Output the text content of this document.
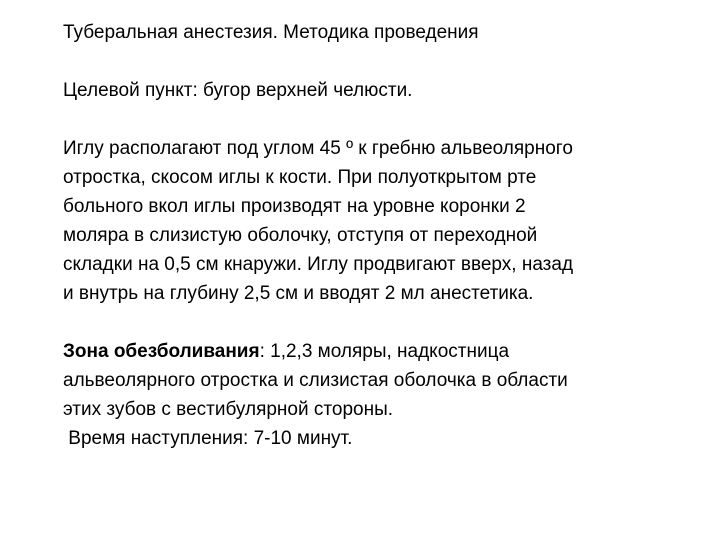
Туберальная анестезия. Методика проведения
Целевой пункт: бугор верхней челюсти.
Иглу располагают под углом 45 º к гребню альвеолярного
отростка, скосом иглы к кости. При полуоткрытом рте
больного вкол иглы производят на уровне коронки 2
моляра в слизистую оболочку, отступя от переходной
складки на 0,5 см кнаружи. Иглу продвигают вверх, назад
и внутрь на глубину 2,5 см и вводят 2 мл анестетика.
Зона обезболивания: 1,2,3 моляры, надкостница
альвеолярного отростка и слизистая оболочка в области
этих зубов с вестибулярной стороны.
Время наступления: 7-10 минут.
